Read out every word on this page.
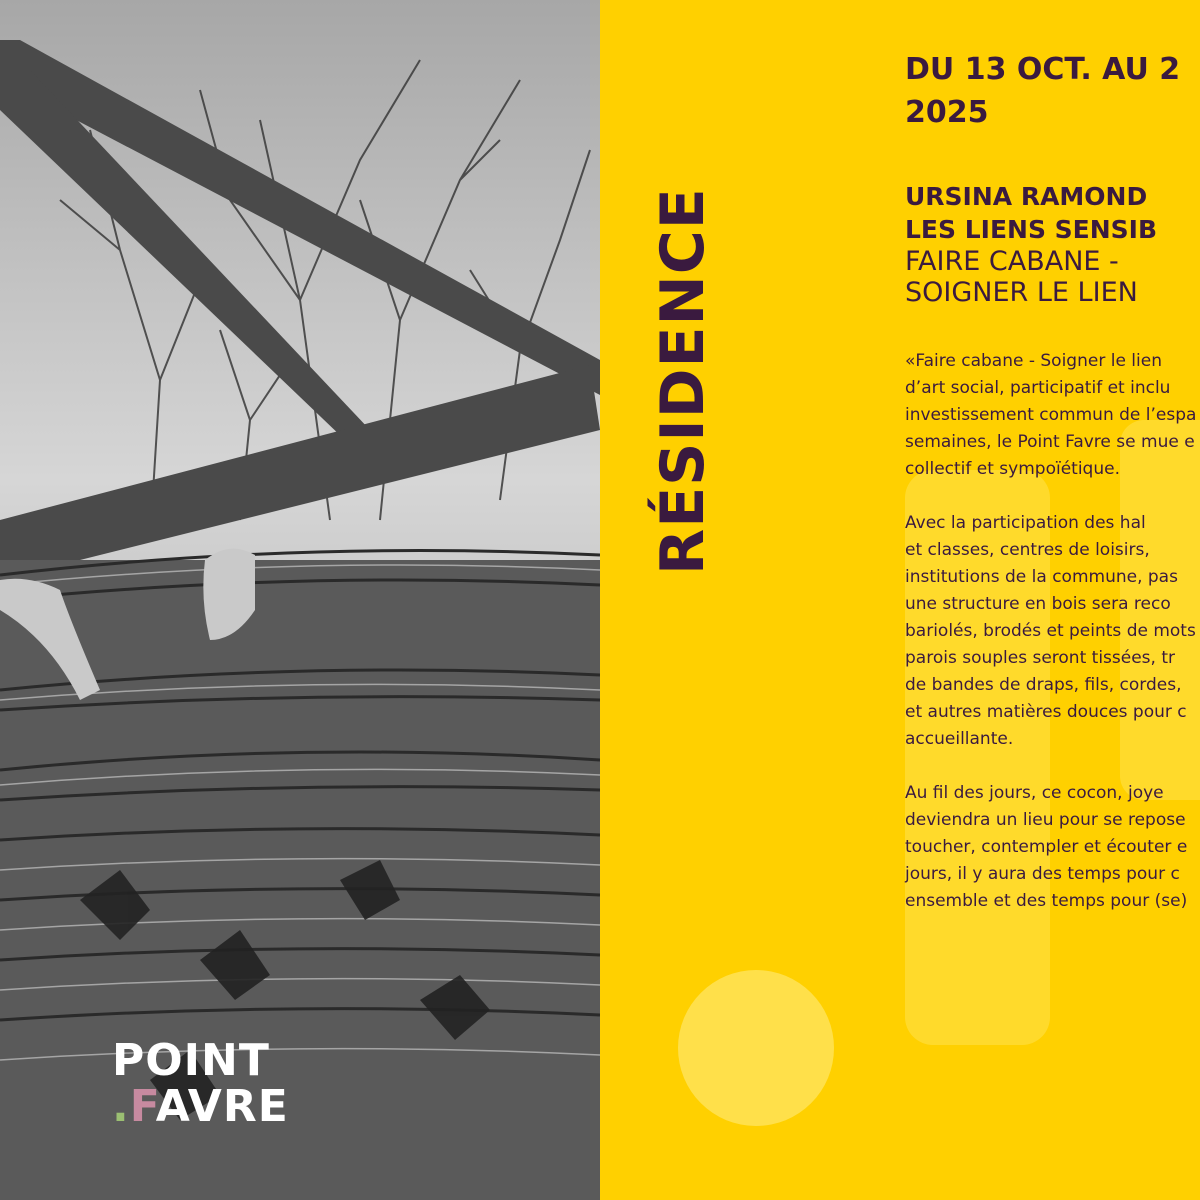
POINT
.FAVRE
RÉSIDENCE

DU 13 OCT. AU 2
2025

URSINA RAMOND
LES LIENS SENSIB

FAIRE CABANE -
SOIGNER LE LIEN

«Faire cabane - Soigner le lien
d’art social, participatif et inclu
investissement commun de l’espa
semaines, le Point Favre se mue e
collectif et sympoïétique.

Avec la participation des hal
et classes, centres de loisirs,
institutions de la commune, pas
une structure en bois sera reco
bariolés, brodés et peints de mots
parois souples seront tissées, tr
de bandes de draps, fils, cordes,
et autres matières douces pour c
accueillante.

Au fil des jours, ce cocon, joye
deviendra un lieu pour se repose
toucher, contempler et écouter e
jours, il y aura des temps pour c
ensemble et des temps pour (se)
